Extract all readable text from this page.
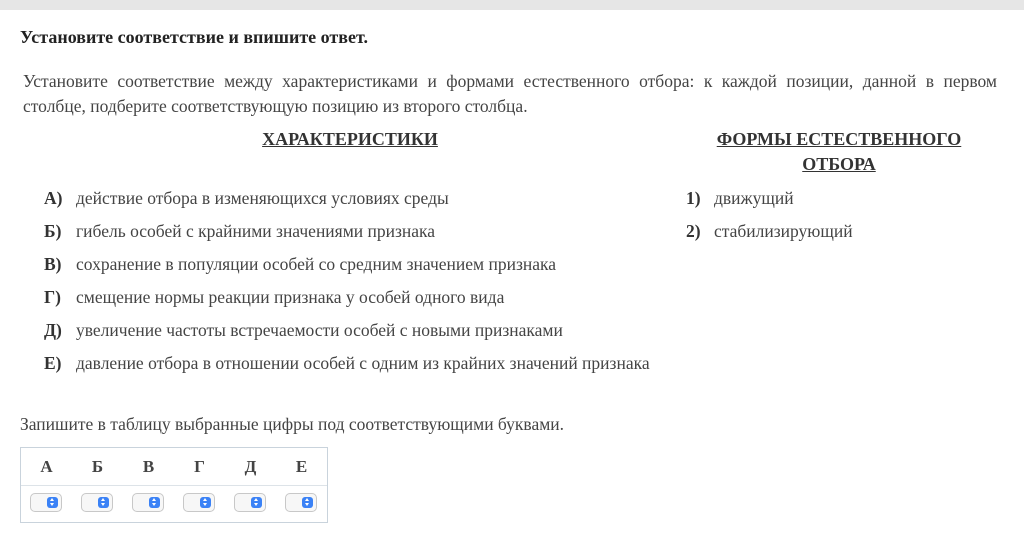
Установите соответствие и впишите ответ.
Установите соответствие между характеристиками и формами естественного отбора: к каждой позиции, данной в первом столбце, подберите соответствующую позицию из второго столбца.
ХАРАКТЕРИСТИКИ	ФОРМЫ ЕСТЕСТВЕННОГО ОТБОРА
А) действие отбора в изменяющихся условиях среды
Б) гибель особей с крайними значениями признака
В) сохранение в популяции особей со средним значением признака
Г) смещение нормы реакции признака у особей одного вида
Д) увеличение частоты встречаемости особей с новыми признаками
Е) давление отбора в отношении особей с одним из крайних значений признака
1) движущий
2) стабилизирующий
Запишите в таблицу выбранные цифры под соответствующими буквами.
А	Б	В	Г	Д	Е
